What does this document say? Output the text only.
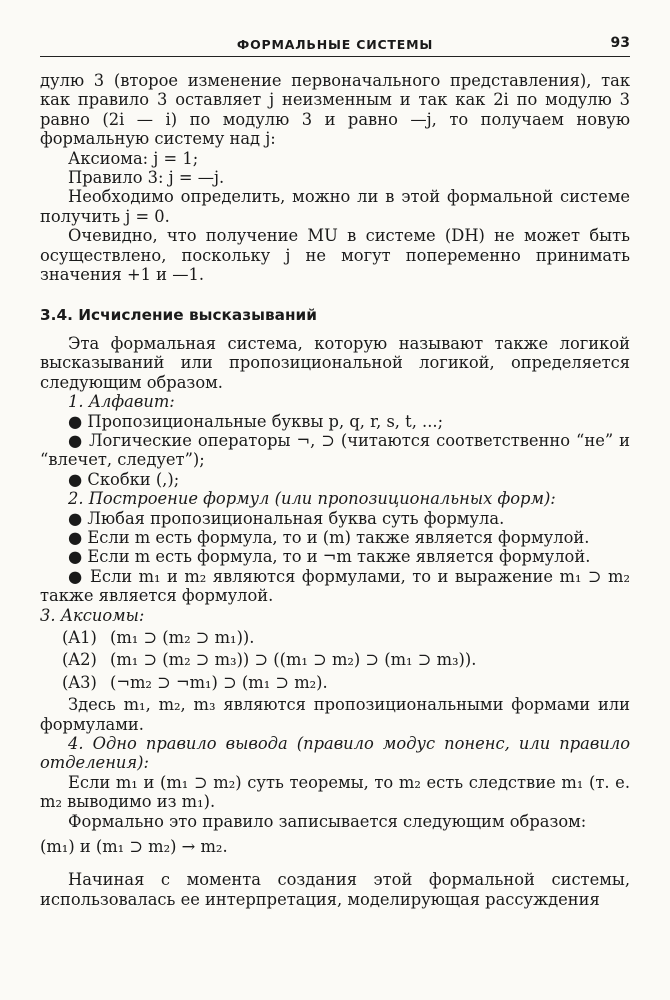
ФОРМАЛЬНЫЕ СИСТЕМЫ	93

дулю 3 (второе изменение первоначального представления), так как правило 3 оставляет j неизменным и так как 2i по модулю 3 равно (2i — i) по модулю 3 и равно —j, то получаем новую формальную систему над j:

Аксиома: j = 1;

Правило 3: j = —j.

Необходимо определить, можно ли в этой формальной системе получить j = 0.

Очевидно, что получение MU в системе (DH) не может быть осуществлено, поскольку j не могут попеременно принимать значения +1 и —1.

3.4. Исчисление высказываний

Эта формальная система, которую называют также логикой высказываний или пропозициональной логикой, определяется следующим образом.

1. Алфавит:

● Пропозициональные буквы p, q, r, s, t, ...;

● Логические операторы ¬, ⊃ (читаются соответственно “не” и “влечет, следует”);

● Скобки (,);

2. Построение формул (или пропозициональных форм):

● Любая пропозициональная буква суть формула.

● Если m есть формула, то и (m) также является формулой.

● Если m есть формула, то и ¬m также является формулой.

● Если m₁ и m₂ являются формулами, то и выражение m₁ ⊃ m₂ также является формулой.

3. Аксиомы:

(A1) (m₁ ⊃ (m₂ ⊃ m₁)).
(A2) (m₁ ⊃ (m₂ ⊃ m₃)) ⊃ ((m₁ ⊃ m₂) ⊃ (m₁ ⊃ m₃)).
(A3) (¬m₂ ⊃ ¬m₁) ⊃ (m₁ ⊃ m₂).

Здесь m₁, m₂, m₃ являются пропозициональными формами или формулами.

4. Одно правило вывода (правило модус поненс, или правило отделения):

Если m₁ и (m₁ ⊃ m₂) суть теоремы, то m₂ есть следствие m₁ (т. е. m₂ выводимо из m₁).

Формально это правило записывается следующим образом:

(m₁) и (m₁ ⊃ m₂) → m₂.

Начиная с момента создания этой формальной системы, использовалась ее интерпретация, моделирующая рассуждения
